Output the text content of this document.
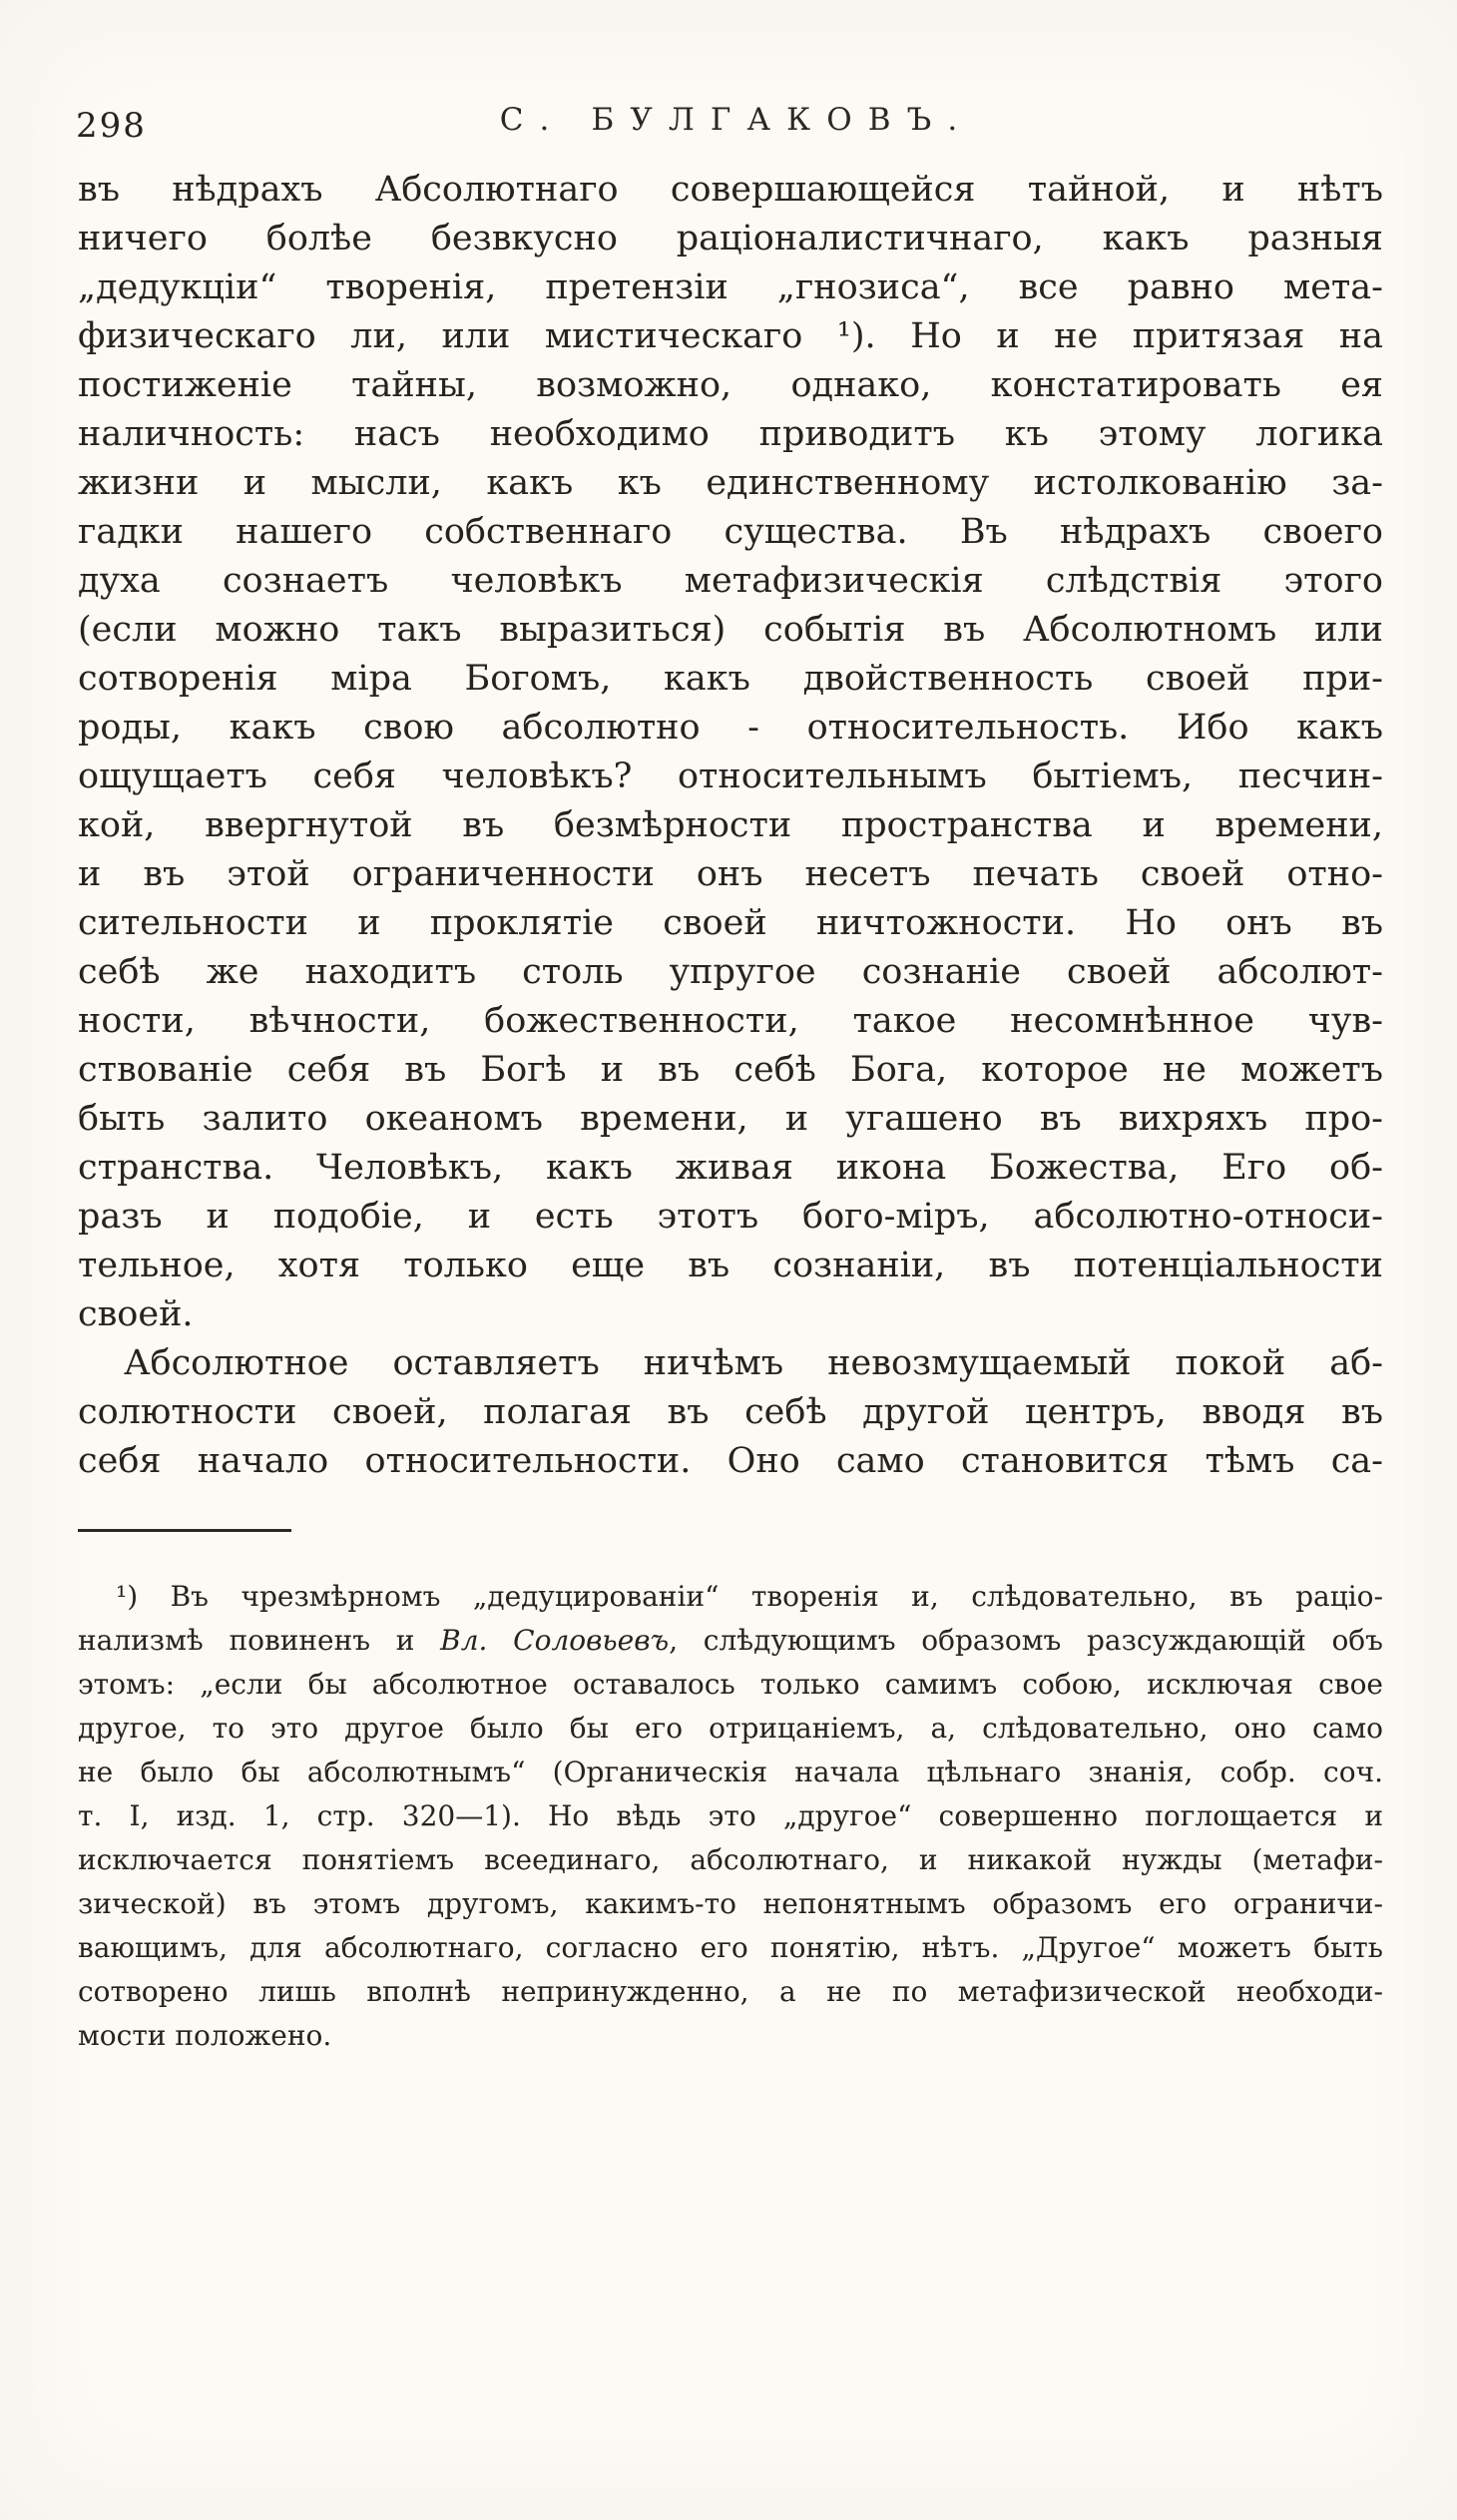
298	С. БУЛГАКОВЪ.
въ нѣдрахъ Абсолютнаго совершающейся тайной, и нѣтъ
ничего болѣе безвкусно раціоналистичнаго, какъ разныя
„дедукціи“ творенія, претензіи „гнозиса“, все равно мета-
физическаго ли, или мистическаго ¹). Но и не притязая на
постиженіе тайны, возможно, однако, констатировать ея
наличность: насъ необходимо приводитъ къ этому логика
жизни и мысли, какъ къ единственному истолкованію за-
гадки нашего собственнаго существа. Въ нѣдрахъ своего
духа сознаетъ человѣкъ метафизическія слѣдствія этого
(если можно такъ выразиться) событія въ Абсолютномъ или
сотворенія міра Богомъ, какъ двойственность своей при-
роды, какъ свою абсолютно - относительность. Ибо какъ
ощущаетъ себя человѣкъ? относительнымъ бытіемъ, песчин-
кой, ввергнутой въ безмѣрности пространства и времени,
и въ этой ограниченности онъ несетъ печать своей отно-
сительности и проклятіе своей ничтожности. Но онъ въ
себѣ же находитъ столь упругое сознаніе своей абсолют-
ности, вѣчности, божественности, такое несомнѣнное чув-
ствованіе себя въ Богѣ и въ себѣ Бога, которое не можетъ
быть залито океаномъ времени, и угашено въ вихряхъ про-
странства. Человѣкъ, какъ живая икона Божества, Его об-
разъ и подобіе, и есть этотъ бого-міръ, абсолютно-относи-
тельное, хотя только еще въ сознаніи, въ потенціальности
своей.
Абсолютное оставляетъ ничѣмъ невозмущаемый покой аб-
солютности своей, полагая въ себѣ другой центръ, вводя въ
себя начало относительности. Оно само становится тѣмъ са-
¹) Въ чрезмѣрномъ „дедуцированіи“ творенія и, слѣдовательно, въ раціо-
нализмѣ повиненъ и Вл. Соловьевъ, слѣдующимъ образомъ разсуждающій объ
этомъ: „если бы абсолютное оставалось только самимъ собою, исключая свое
другое, то это другое было бы его отрицаніемъ, а, слѣдовательно, оно само
не было бы абсолютнымъ“ (Органическія начала цѣльнаго знанія, собр. соч.
т. I, изд. 1, стр. 320—1). Но вѣдь это „другое“ совершенно поглощается и
исключается понятіемъ всеединаго, абсолютнаго, и никакой нужды (метафи-
зической) въ этомъ другомъ, какимъ-то непонятнымъ образомъ его ограничи-
вающимъ, для абсолютнаго, согласно его понятію, нѣтъ. „Другое“ можетъ быть
сотворено лишь вполнѣ непринужденно, а не по метафизической необходи-
мости положено.
